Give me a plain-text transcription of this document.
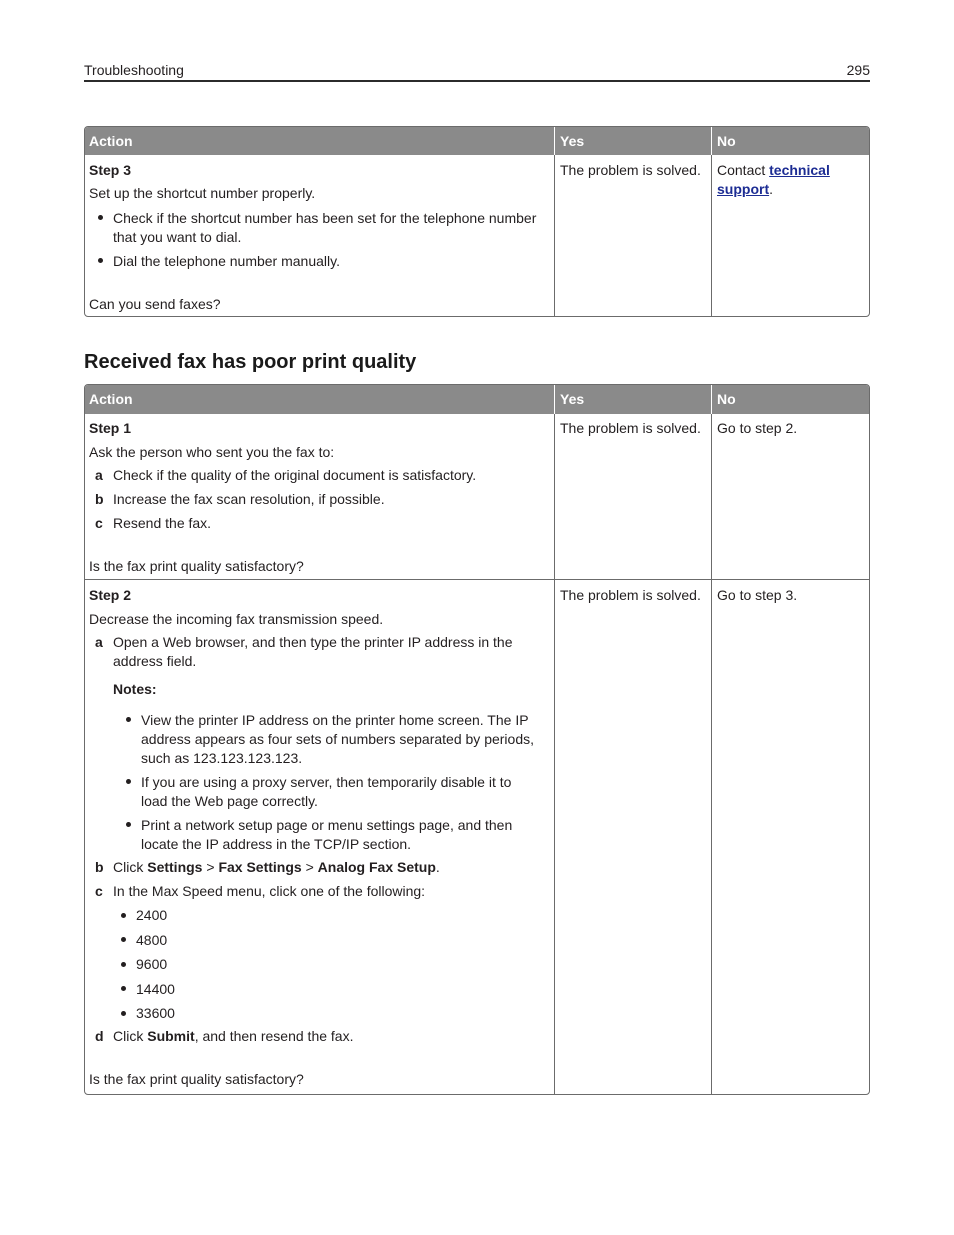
Troubleshooting	295
Action	Yes	No
Step 3
Set up the shortcut number properly.
Check if the shortcut number has been set for the telephone number
that you want to dial.
Dial the telephone number manually.
Can you send faxes?
The problem is solved.	Contact technical support.
Received fax has poor print quality
Action	Yes	No
Step 1
Ask the person who sent you the fax to:
a Check if the quality of the original document is satisfactory.
b Increase the fax scan resolution, if possible.
c Resend the fax.
Is the fax print quality satisfactory?
The problem is solved.	Go to step 2.
Step 2
Decrease the incoming fax transmission speed.
a Open a Web browser, and then type the printer IP address in the
address field.
Notes:
View the printer IP address on the printer home screen. The IP
address appears as four sets of numbers separated by periods,
such as 123.123.123.123.
If you are using a proxy server, then temporarily disable it to
load the Web page correctly.
Print a network setup page or menu settings page, and then
locate the IP address in the TCP/IP section.
b Click Settings > Fax Settings > Analog Fax Setup.
c In the Max Speed menu, click one of the following:
2400
4800
9600
14400
33600
d Click Submit, and then resend the fax.
Is the fax print quality satisfactory?
The problem is solved.	Go to step 3.
